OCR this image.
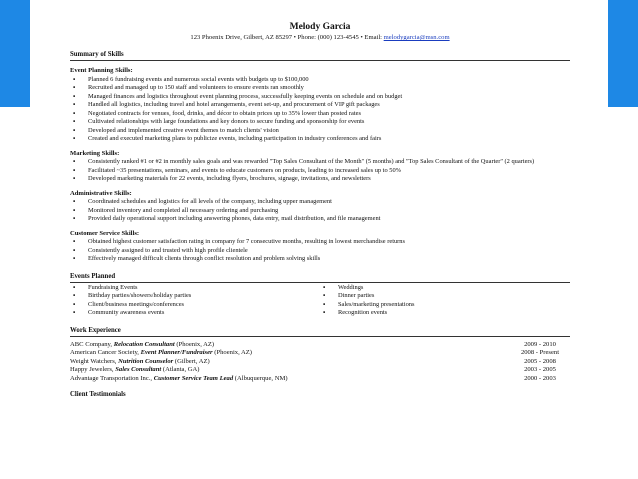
Melody Garcia
123 Phoenix Drive, Gilbert, AZ 85297 • Phone: (000) 123-4545 • Email: melodygarcia@msn.com
Summary of Skills
Event Planning Skills:
▪ Planned 6 fundraising events and numerous social events with budgets up to $100,000
▪ Recruited and managed up to 150 staff and volunteers to ensure events ran smoothly
▪ Managed finances and logistics throughout event planning process, successfully keeping events on schedule and on budget
▪ Handled all logistics, including travel and hotel arrangements, event set-up, and procurement of VIP gift packages
▪ Negotiated contracts for venues, food, drinks, and décor to obtain prices up to 35% lower than posted rates
▪ Cultivated relationships with large foundations and key donors to secure funding and sponsorship for events
▪ Developed and implemented creative event themes to match clients' vision
▪ Created and executed marketing plans to publicize events, including participation in industry conferences and fairs
Marketing Skills:
▪ Consistently ranked #1 or #2 in monthly sales goals and was rewarded "Top Sales Consultant of the Month" (5 months) and "Top Sales Consultant of the Quarter" (2 quarters)
▪ Facilitated ~35 presentations, seminars, and events to educate customers on products, leading to increased sales up to 50%
▪ Developed marketing materials for 22 events, including flyers, brochures, signage, invitations, and newsletters
Administrative Skills:
▪ Coordinated schedules and logistics for all levels of the company, including upper management
▪ Monitored inventory and completed all necessary ordering and purchasing
▪ Provided daily operational support including answering phones, data entry, mail distribution, and file management
Customer Service Skills:
▪ Obtained highest customer satisfaction rating in company for 7 consecutive months, resulting in lowest merchandise returns
▪ Consistently assigned to and trusted with high profile clientele
▪ Effectively managed difficult clients through conflict resolution and problem solving skills
Events Planned
▪ Fundraising Events
▪ Birthday parties/showers/holiday parties
▪ Client/business meetings/conferences
▪ Community awareness events
▪ Weddings
▪ Dinner parties
▪ Sales/marketing presentations
▪ Recognition events
Work Experience
ABC Company, Relocation Consultant (Phoenix, AZ)	2009 - 2010
American Cancer Society, Event Planner/Fundraiser (Phoenix, AZ)	2008 - Present
Weight Watchers, Nutrition Counselor (Gilbert, AZ)	2005 - 2008
Happy Jewelers, Sales Consultant (Atlanta, GA)	2003 - 2005
Advantage Transportation Inc., Customer Service Team Lead (Albuquerque, NM)	2000 - 2003
Client Testimonials
